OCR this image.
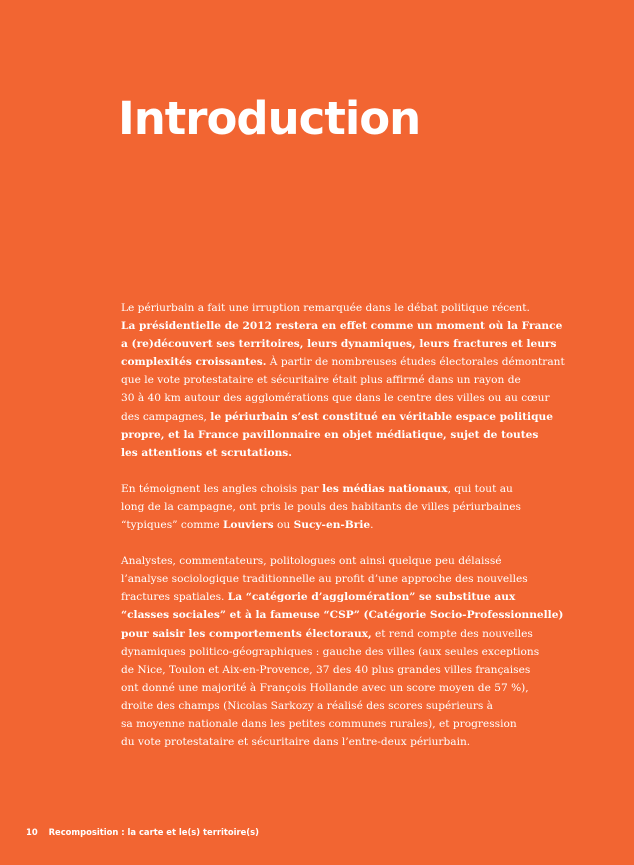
Introduction

Le périurbain a fait une irruption remarquée dans le débat politique récent.
La présidentielle de 2012 restera en effet comme un moment où la France
a (re)découvert ses territoires, leurs dynamiques, leurs fractures et leurs
complexités croissantes. À partir de nombreuses études électorales démontrant
que le vote protestataire et sécuritaire était plus affirmé dans un rayon de
30 à 40 km autour des agglomérations que dans le centre des villes ou au cœur
des campagnes, le périurbain s’est constitué en véritable espace politique
propre, et la France pavillonnaire en objet médiatique, sujet de toutes
les attentions et scrutations.

En témoignent les angles choisis par les médias nationaux, qui tout au
long de la campagne, ont pris le pouls des habitants de villes périurbaines
“typiques” comme Louviers ou Sucy-en-Brie.

Analystes, commentateurs, politologues ont ainsi quelque peu délaissé
l’analyse sociologique traditionnelle au profit d’une approche des nouvelles
fractures spatiales. La “catégorie d’agglomération” se substitue aux
“classes sociales” et à la fameuse “CSP” (Catégorie Socio-Professionnelle)
pour saisir les comportements électoraux, et rend compte des nouvelles
dynamiques politico-géographiques : gauche des villes (aux seules exceptions
de Nice, Toulon et Aix-en-Provence, 37 des 40 plus grandes villes françaises
ont donné une majorité à François Hollande avec un score moyen de 57 %),
droite des champs (Nicolas Sarkozy a réalisé des scores supérieurs à
sa moyenne nationale dans les petites communes rurales), et progression
du vote protestataire et sécuritaire dans l’entre-deux périurbain.

10 Recomposition : la carte et le(s) territoire(s)
